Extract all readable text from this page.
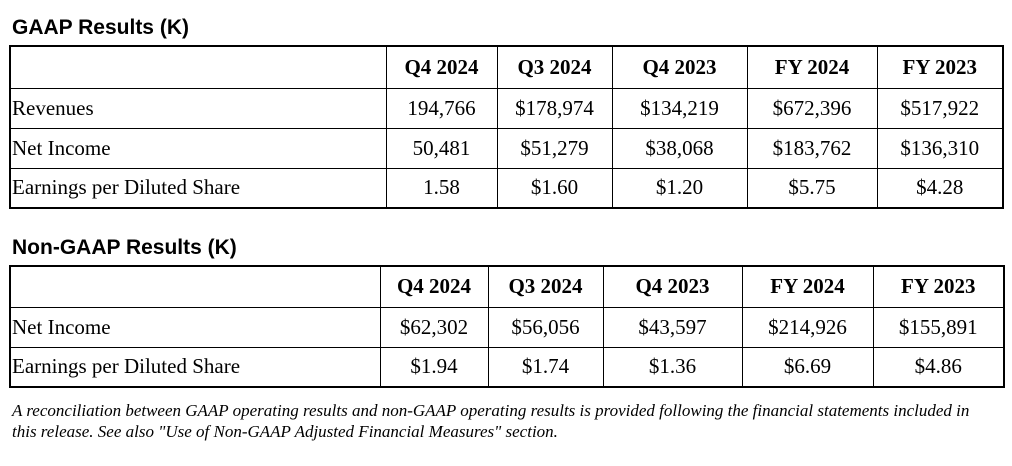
GAAP Results (K)
	Q4 2024	Q3 2024	Q4 2023	FY 2024	FY 2023
Revenues	194,766	$178,974	$134,219	$672,396	$517,922
Net Income	50,481	$51,279	$38,068	$183,762	$136,310
Earnings per Diluted Share	1.58	$1.60	$1.20	$5.75	$4.28
Non-GAAP Results (K)
	Q4 2024	Q3 2024	Q4 2023	FY 2024	FY 2023
Net Income	$62,302	$56,056	$43,597	$214,926	$155,891
Earnings per Diluted Share	$1.94	$1.74	$1.36	$6.69	$4.86
A reconciliation between GAAP operating results and non-GAAP operating results is provided following the financial statements included in this release. See also "Use of Non-GAAP Adjusted Financial Measures" section.
